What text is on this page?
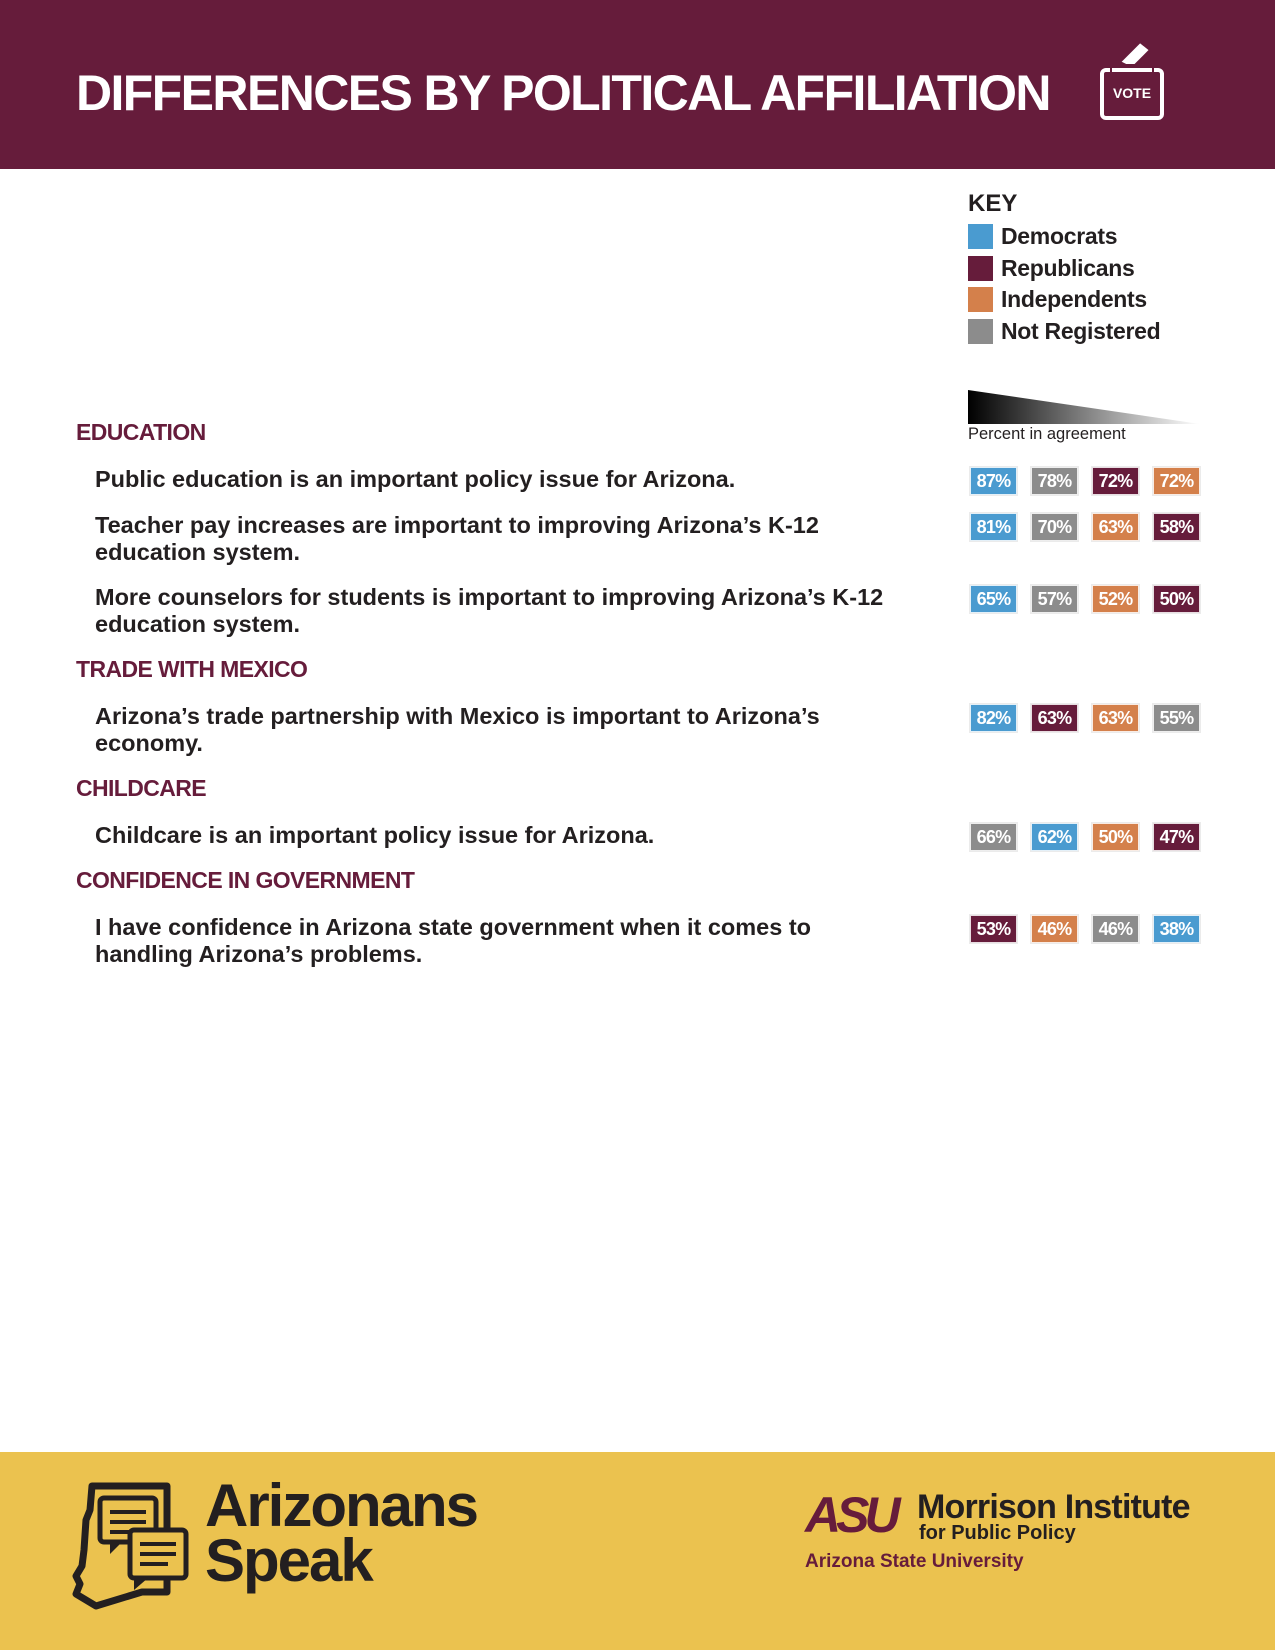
DIFFERENCES BY POLITICAL AFFILIATION	VOTE
KEY
Democrats
Republicans
Independents
Not Registered
Percent in agreement
EDUCATION
Public education is an important policy issue for Arizona.	87%	78%	72%	72%
Teacher pay increases are important to improving Arizona’s K-12 education system.
81%	70%	63%	58%
More counselors for students is important to improving Arizona’s K-12 education system.
65%	57%	52%	50%
TRADE WITH MEXICO
Arizona’s trade partnership with Mexico is important to Arizona’s economy.
82%	63%	63%	55%
CHILDCARE
Childcare is an important policy issue for Arizona.	66%	62%	50%	47%
CONFIDENCE IN GOVERNMENT
I have confidence in Arizona state government when it comes to handling Arizona’s problems.
53%	46%	46%	38%
Arizonans
Speak
ASU Morrison Institute
for Public Policy
Arizona State University
